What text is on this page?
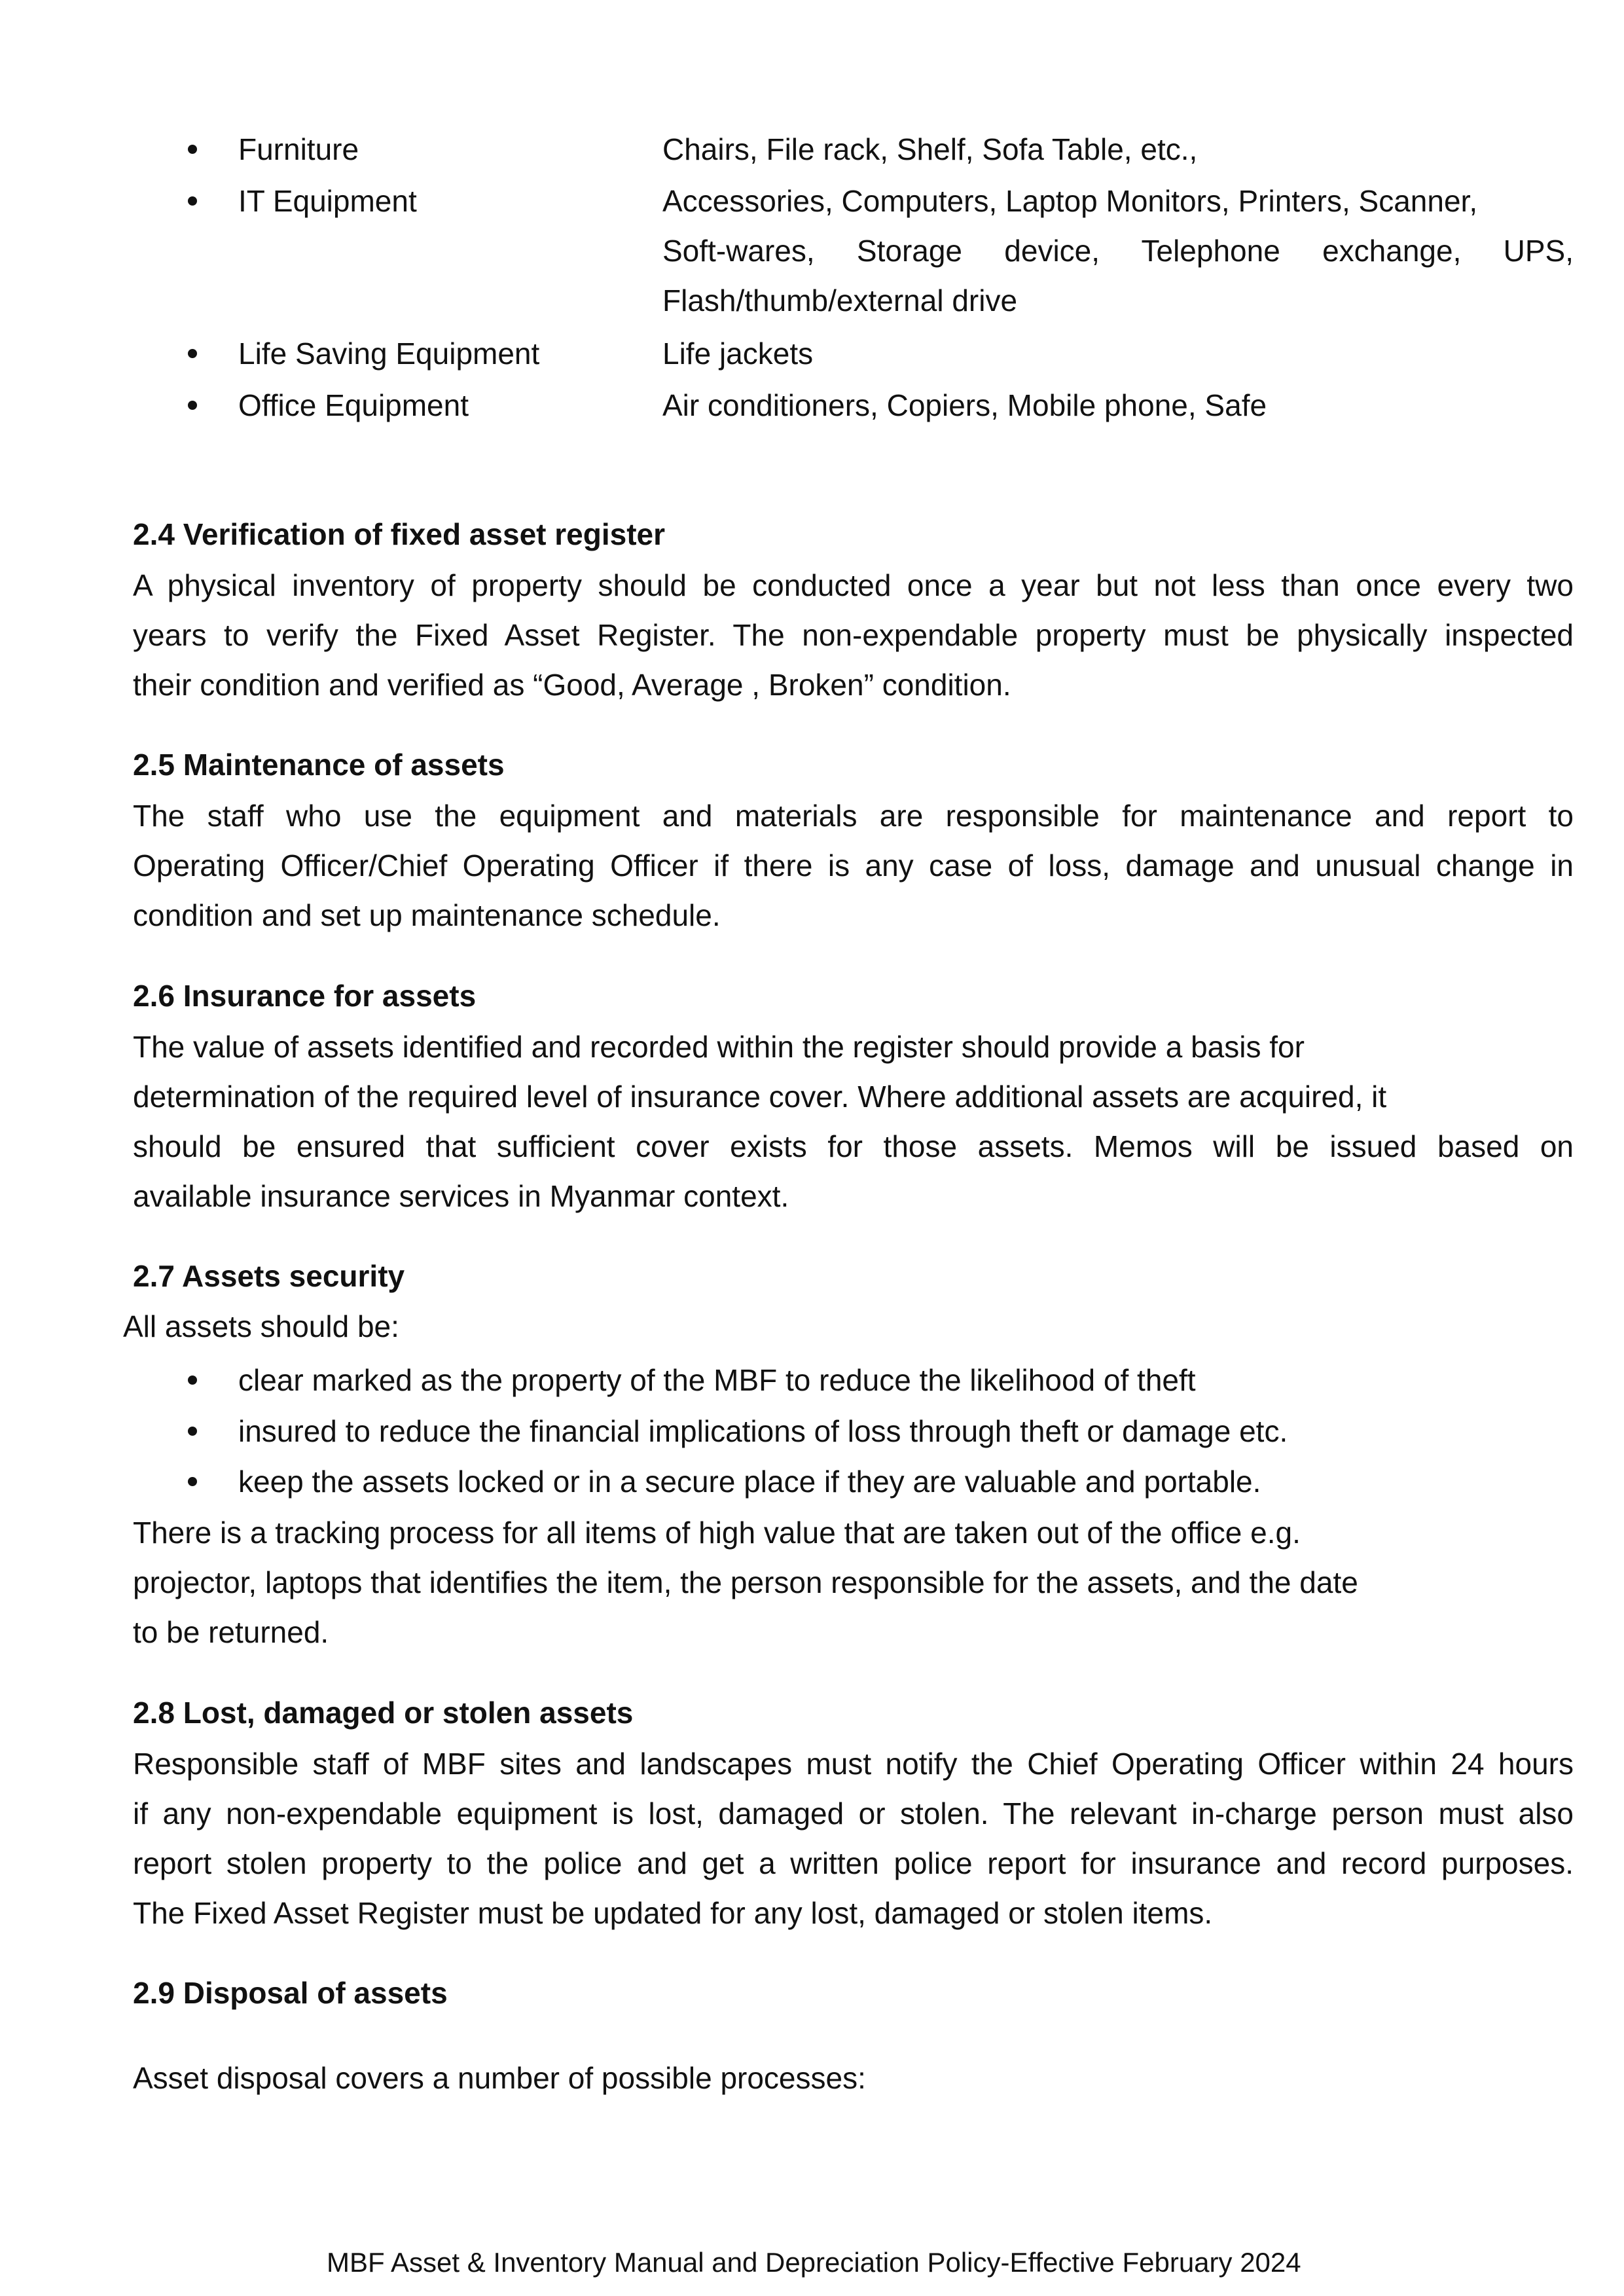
Furniture	Chairs, File rack, Shelf, Sofa Table, etc.,
IT Equipment	Accessories, Computers, Laptop Monitors, Printers, Scanner,
Soft-wares, Storage device, Telephone exchange, UPS,
Flash/thumb/external drive
Life Saving Equipment	Life jackets
Office Equipment	Air conditioners, Copiers, Mobile phone, Safe
2.4 Verification of fixed asset register
A physical inventory of property should be conducted once a year but not less than once every two
years to verify the Fixed Asset Register. The non-expendable property must be physically inspected
their condition and verified as “Good, Average , Broken” condition.
2.5 Maintenance of assets
The staff who use the equipment and materials are responsible for maintenance and report to
Operating Officer/Chief Operating Officer if there is any case of loss, damage and unusual change in
condition and set up maintenance schedule.
2.6 Insurance for assets
The value of assets identified and recorded within the register should provide a basis for
determination of the required level of insurance cover. Where additional assets are acquired, it
should be ensured that sufficient cover exists for those assets. Memos will be issued based on
available insurance services in Myanmar context.
2.7 Assets security
All assets should be:
clear marked as the property of the MBF to reduce the likelihood of theft
insured to reduce the financial implications of loss through theft or damage etc.
keep the assets locked or in a secure place if they are valuable and portable.
There is a tracking process for all items of high value that are taken out of the office e.g.
projector, laptops that identifies the item, the person responsible for the assets, and the date
to be returned.
2.8 Lost, damaged or stolen assets
Responsible staff of MBF sites and landscapes must notify the Chief Operating Officer within 24 hours
if any non-expendable equipment is lost, damaged or stolen. The relevant in-charge person must also
report stolen property to the police and get a written police report for insurance and record purposes.
The Fixed Asset Register must be updated for any lost, damaged or stolen items.
2.9 Disposal of assets
Asset disposal covers a number of possible processes:
MBF Asset & Inventory Manual and Depreciation Policy-Effective February 2024
